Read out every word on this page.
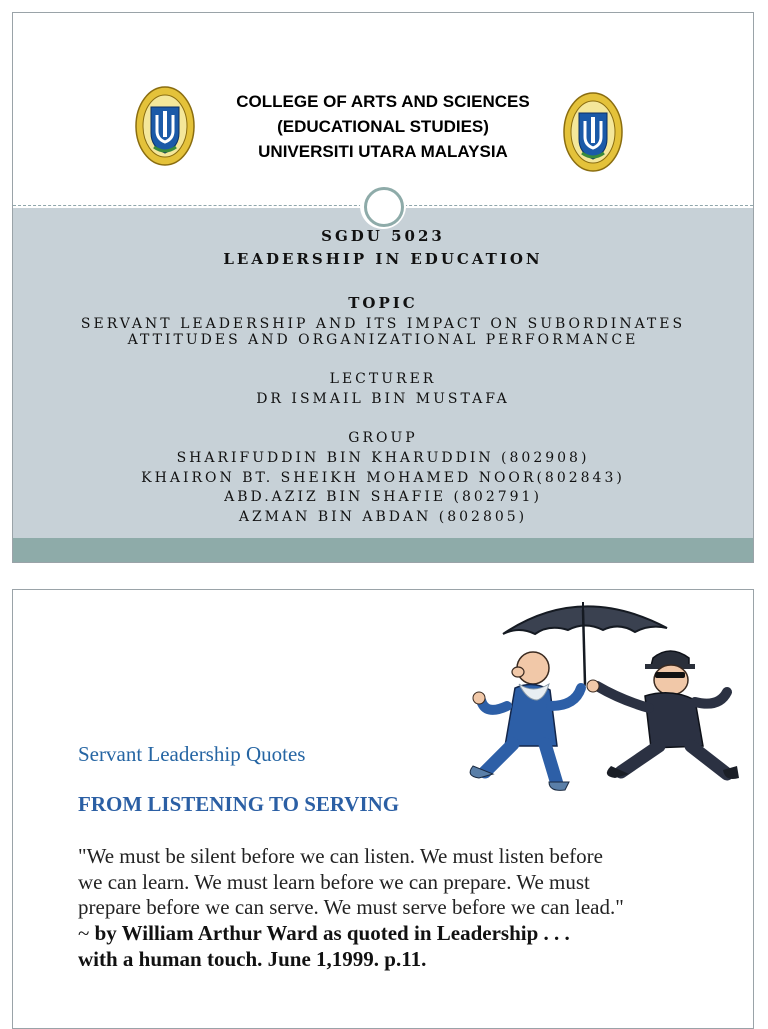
COLLEGE OF ARTS AND SCIENCES
(EDUCATIONAL STUDIES)
UNIVERSITI UTARA MALAYSIA
SGDU 5023
LEADERSHIP IN EDUCATION
TOPIC
SERVANT LEADERSHIP AND ITS IMPACT ON SUBORDINATES
ATTITUDES AND ORGANIZATIONAL PERFORMANCE
LECTURER
DR ISMAIL BIN MUSTAFA
GROUP
SHARIFUDDIN BIN KHARUDDIN (802908)
KHAIRON BT. SHEIKH MOHAMED NOOR(802843)
ABD.AZIZ BIN SHAFIE (802791)
AZMAN BIN ABDAN (802805)
Servant Leadership Quotes
FROM LISTENING TO SERVING
"We must be silent before we can listen. We must listen before
we can learn. We must learn before we can prepare. We must
prepare before we can serve. We must serve before we can lead."
~ by William Arthur Ward as quoted in Leadership . . .
with a human touch. June 1,1999. p.11.
